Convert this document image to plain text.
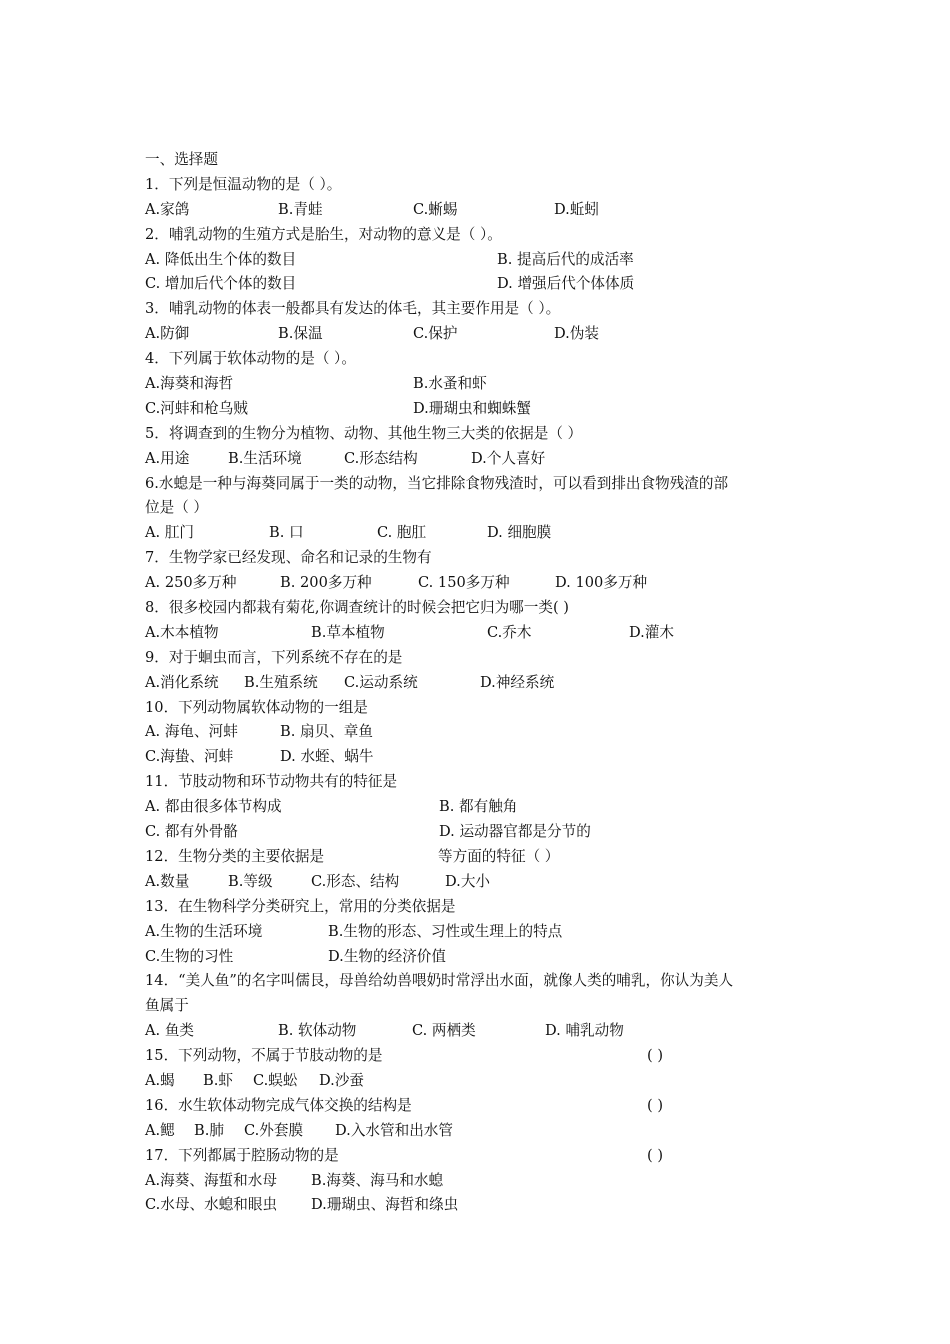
一、选择题
1．下列是恒温动物的是（ ）。
A.家鸽	B.青蛙	C.蜥蜴	D.蚯蚓
2．哺乳动物的生殖方式是胎生，对动物的意义是（ ）。
A. 降低出生个体的数目	B. 提高后代的成活率
C. 增加后代个体的数目	D. 增强后代个体体质
3．哺乳动物的体表一般都具有发达的体毛，其主要作用是（ ）。
A.防御	B.保温	C.保护	D.伪装
4．下列属于软体动物的是（ ）。
A.海葵和海哲	B.水蚤和虾
C.河蚌和枪乌贼	D.珊瑚虫和蜘蛛蟹
5．将调查到的生物分为植物、动物、其他生物三大类的依据是（ ）
A.用途	B.生活环境	C.形态结构	D.个人喜好
6.水螅是一种与海葵同属于一类的动物，当它排除食物残渣时，可以看到排出食物残渣的部
位是（ ）
A. 肛门	B. 口	C. 胞肛	D. 细胞膜
7．生物学家已经发现、命名和记录的生物有
A. 250多万种	B. 200多万种	C. 150多万种	D. 100多万种
8．很多校园内都栽有菊花,你调查统计的时候会把它归为哪一类( )
A.木本植物	B.草本植物	C.乔木	D.灌木
9．对于蛔虫而言，下列系统不存在的是
A.消化系统 B.生殖系统 C.运动系统	D.神经系统
10．下列动物属软体动物的一组是
A. 海龟、河蚌	B. 扇贝、章鱼
C.海蛰、河蚌	D. 水蛭、蜗牛
11．节肢动物和环节动物共有的特征是
A. 都由很多体节构成	B. 都有触角
C. 都有外骨骼	D. 运动器官都是分节的
12．生物分类的主要依据是	等方面的特征（ ）
A.数量	B.等级	C.形态、结构	D.大小
13．在生物科学分类研究上，常用的分类依据是
A.生物的生活环境	B.生物的形态、习性或生理上的特点
C.生物的习性	D.生物的经济价值
14．“美人鱼”的名字叫儒艮，母兽给幼兽喂奶时常浮出水面，就像人类的哺乳，你认为美人
鱼属于
A. 鱼类	B. 软体动物	C. 两栖类	D. 哺乳动物
15．下列动物，不属于节肢动物的是	( )
A.蝎 B.虾 C.蜈蚣 D.沙蚕
16．水生软体动物完成气体交换的结构是	( )
A.鳃 B.肺 C.外套膜 D.入水管和出水管
17．下列都属于腔肠动物的是	( )
A.海葵、海蜇和水母 B.海葵、海马和水螅
C.水母、水螅和眼虫 D.珊瑚虫、海哲和绦虫
